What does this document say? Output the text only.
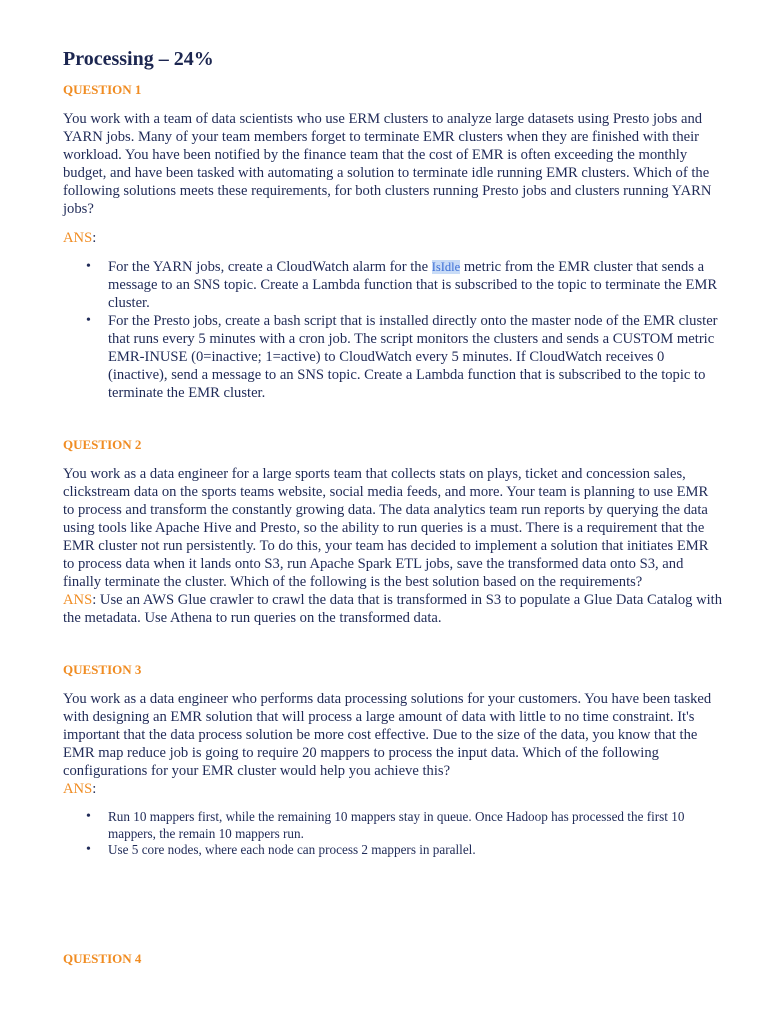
Processing – 24%
QUESTION 1

You work with a team of data scientists who use ERM clusters to analyze large datasets using Presto jobs and YARN jobs. Many of your team members forget to terminate EMR clusters when they are finished with their workload. You have been notified by the finance team that the cost of EMR is often exceeding the monthly budget, and have been tasked with automating a solution to terminate idle running EMR clusters. Which of the following solutions meets these requirements, for both clusters running Presto jobs and clusters running YARN jobs?

ANS:

• For the YARN jobs, create a CloudWatch alarm for the IsIdle metric from the EMR cluster that sends a message to an SNS topic. Create a Lambda function that is subscribed to the topic to terminate the EMR cluster.
• For the Presto jobs, create a bash script that is installed directly onto the master node of the EMR cluster that runs every 5 minutes with a cron job. The script monitors the clusters and sends a CUSTOM metric EMR-INUSE (0=inactive; 1=active) to CloudWatch every 5 minutes. If CloudWatch receives 0 (inactive), send a message to an SNS topic. Create a Lambda function that is subscribed to the topic to terminate the EMR cluster.
QUESTION 2

You work as a data engineer for a large sports team that collects stats on plays, ticket and concession sales, clickstream data on the sports teams website, social media feeds, and more. Your team is planning to use EMR to process and transform the constantly growing data. The data analytics team run reports by querying the data using tools like Apache Hive and Presto, so the ability to run queries is a must. There is a requirement that the EMR cluster not run persistently. To do this, your team has decided to implement a solution that initiates EMR to process data when it lands onto S3, run Apache Spark ETL jobs, save the transformed data onto S3, and finally terminate the cluster. Which of the following is the best solution based on the requirements?

ANS: Use an AWS Glue crawler to crawl the data that is transformed in S3 to populate a Glue Data Catalog with the metadata. Use Athena to run queries on the transformed data.

QUESTION 3

You work as a data engineer who performs data processing solutions for your customers. You have been tasked with designing an EMR solution that will process a large amount of data with little to no time constraint. It's important that the data process solution be more cost effective. Due to the size of the data, you know that the EMR map reduce job is going to require 20 mappers to process the input data. Which of the following configurations for your EMR cluster would help you achieve this?

ANS:

• Run 10 mappers first, while the remaining 10 mappers stay in queue. Once Hadoop has processed the first 10 mappers, the remain 10 mappers run.
• Use 5 core nodes, where each node can process 2 mappers in parallel.
QUESTION 4
